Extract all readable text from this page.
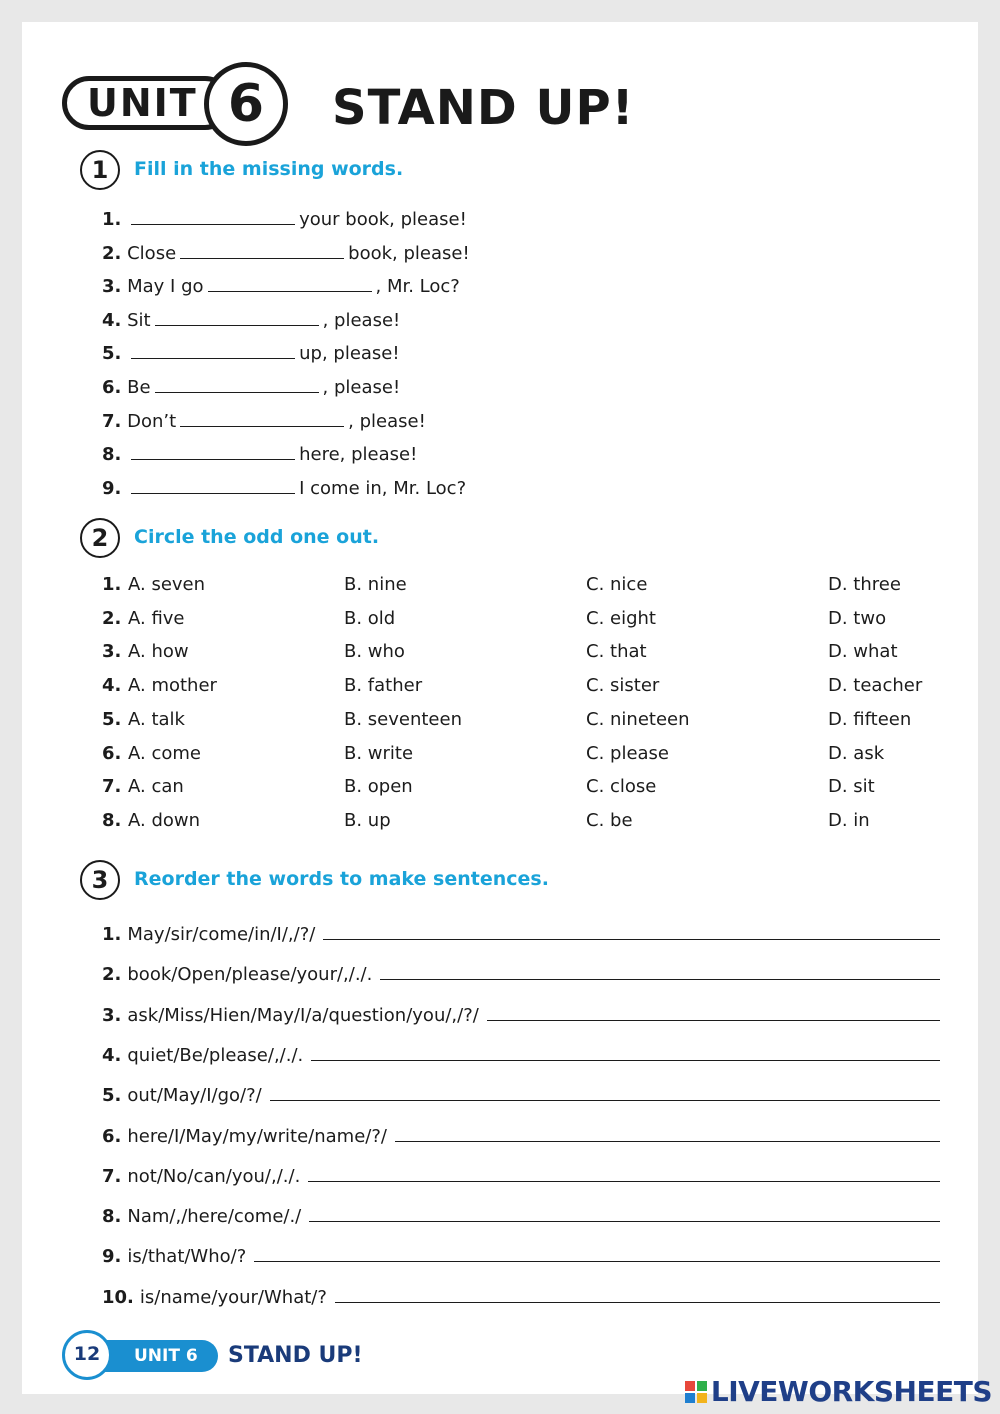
UNIT 6	STAND UP!
1	Fill in the missing words.
1.	your book, please!
2. Close	book, please!
3. May I go	, Mr. Loc?
4. Sit	, please!
5.	up, please!
6. Be	, please!
7. Don’t	, please!
8.	here, please!
9.	I come in, Mr. Loc?
2	Circle the odd one out.
1. A. seven	B. nine	C. nice	D. three
2. A. five	B. old	C. eight	D. two
3. A. how	B. who	C. that	D. what
4. A. mother	B. father	C. sister	D. teacher
5. A. talk	B. seventeen	C. nineteen	D. fifteen
6. A. come	B. write	C. please	D. ask
7. A. can	B. open	C. close	D. sit
8. A. down	B. up	C. be	D. in
3	Reorder the words to make sentences.
1. May/sir/come/in/I/,/?/
2. book/Open/please/your/,/./.
3. ask/Miss/Hien/May/I/a/question/you/,/?/
4. quiet/Be/please/,/./.
5. out/May/I/go/?/
6. here/I/May/my/write/name/?/
7. not/No/can/you/,/./.
8. Nam/,/here/come/./
9. is/that/Who/?
10. is/name/your/What/?
12	UNIT 6	STAND UP!
LIVEWORKSHEETS
